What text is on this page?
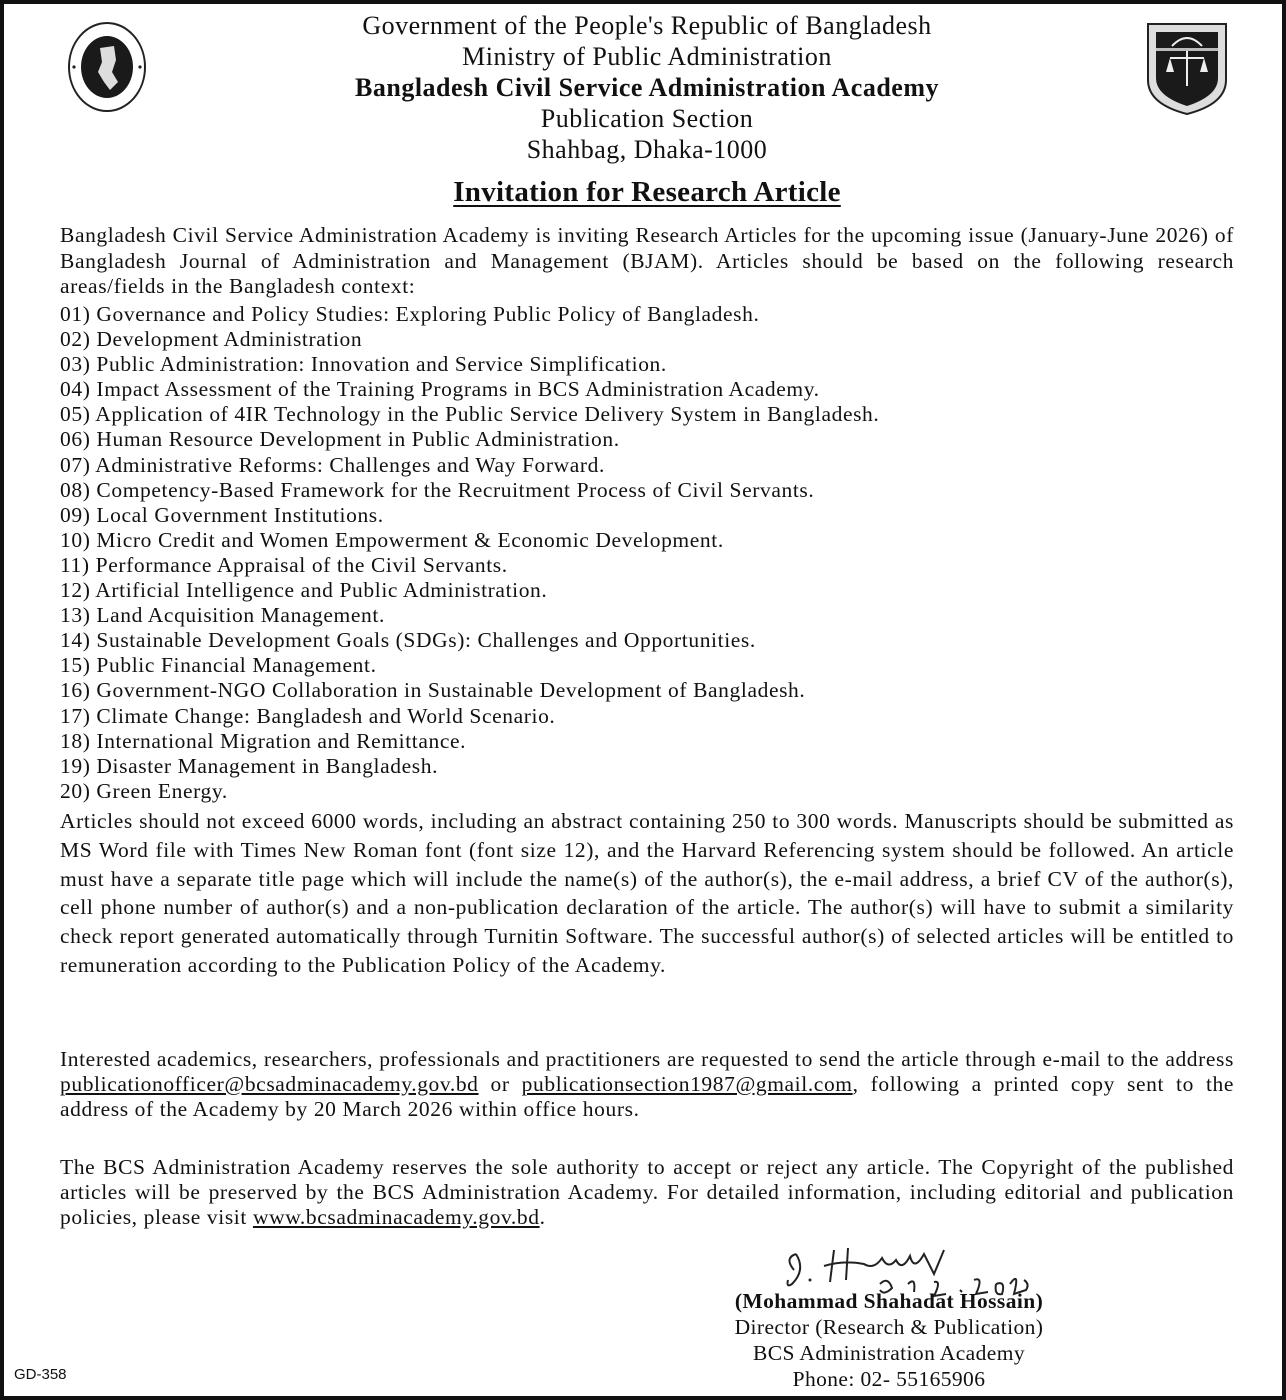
Government of the People's Republic of Bangladesh
Ministry of Public Administration
Bangladesh Civil Service Administration Academy
Publication Section
Shahbag, Dhaka-1000
Invitation for Research Article
Bangladesh Civil Service Administration Academy is inviting Research Articles for the upcoming issue (January-June 2026) of Bangladesh Journal of Administration and Management (BJAM). Articles should be based on the following research areas/fields in the Bangladesh context:
01) Governance and Policy Studies: Exploring Public Policy of Bangladesh.
02) Development Administration
03) Public Administration: Innovation and Service Simplification.
04) Impact Assessment of the Training Programs in BCS Administration Academy.
05) Application of 4IR Technology in the Public Service Delivery System in Bangladesh.
06) Human Resource Development in Public Administration.
07) Administrative Reforms: Challenges and Way Forward.
08) Competency-Based Framework for the Recruitment Process of Civil Servants.
09) Local Government Institutions.
10) Micro Credit and Women Empowerment & Economic Development.
11) Performance Appraisal of the Civil Servants.
12) Artificial Intelligence and Public Administration.
13) Land Acquisition Management.
14) Sustainable Development Goals (SDGs): Challenges and Opportunities.
15) Public Financial Management.
16) Government-NGO Collaboration in Sustainable Development of Bangladesh.
17) Climate Change: Bangladesh and World Scenario.
18) International Migration and Remittance.
19) Disaster Management in Bangladesh.
20) Green Energy.
Articles should not exceed 6000 words, including an abstract containing 250 to 300 words. Manuscripts should be submitted as MS Word file with Times New Roman font (font size 12), and the Harvard Referencing system should be followed. An article must have a separate title page which will include the name(s) of the author(s), the e-mail address, a brief CV of the author(s), cell phone number of author(s) and a non-publication declaration of the article. The author(s) will have to submit a similarity check report generated automatically through Turnitin Software. The successful author(s) of selected articles will be entitled to remuneration according to the Publication Policy of the Academy.
Interested academics, researchers, professionals and practitioners are requested to send the article through e-mail to the address publicationofficer@bcsadminacademy.gov.bd or publicationsection1987@gmail.com, following a printed copy sent to the address of the Academy by 20 March 2026 within office hours.
The BCS Administration Academy reserves the sole authority to accept or reject any article. The Copyright of the published articles will be preserved by the BCS Administration Academy. For detailed information, including editorial and publication policies, please visit www.bcsadminacademy.gov.bd.
(Mohammad Shahadat Hossain)
Director (Research & Publication)
BCS Administration Academy
Phone: 02- 55165906
GD-358
